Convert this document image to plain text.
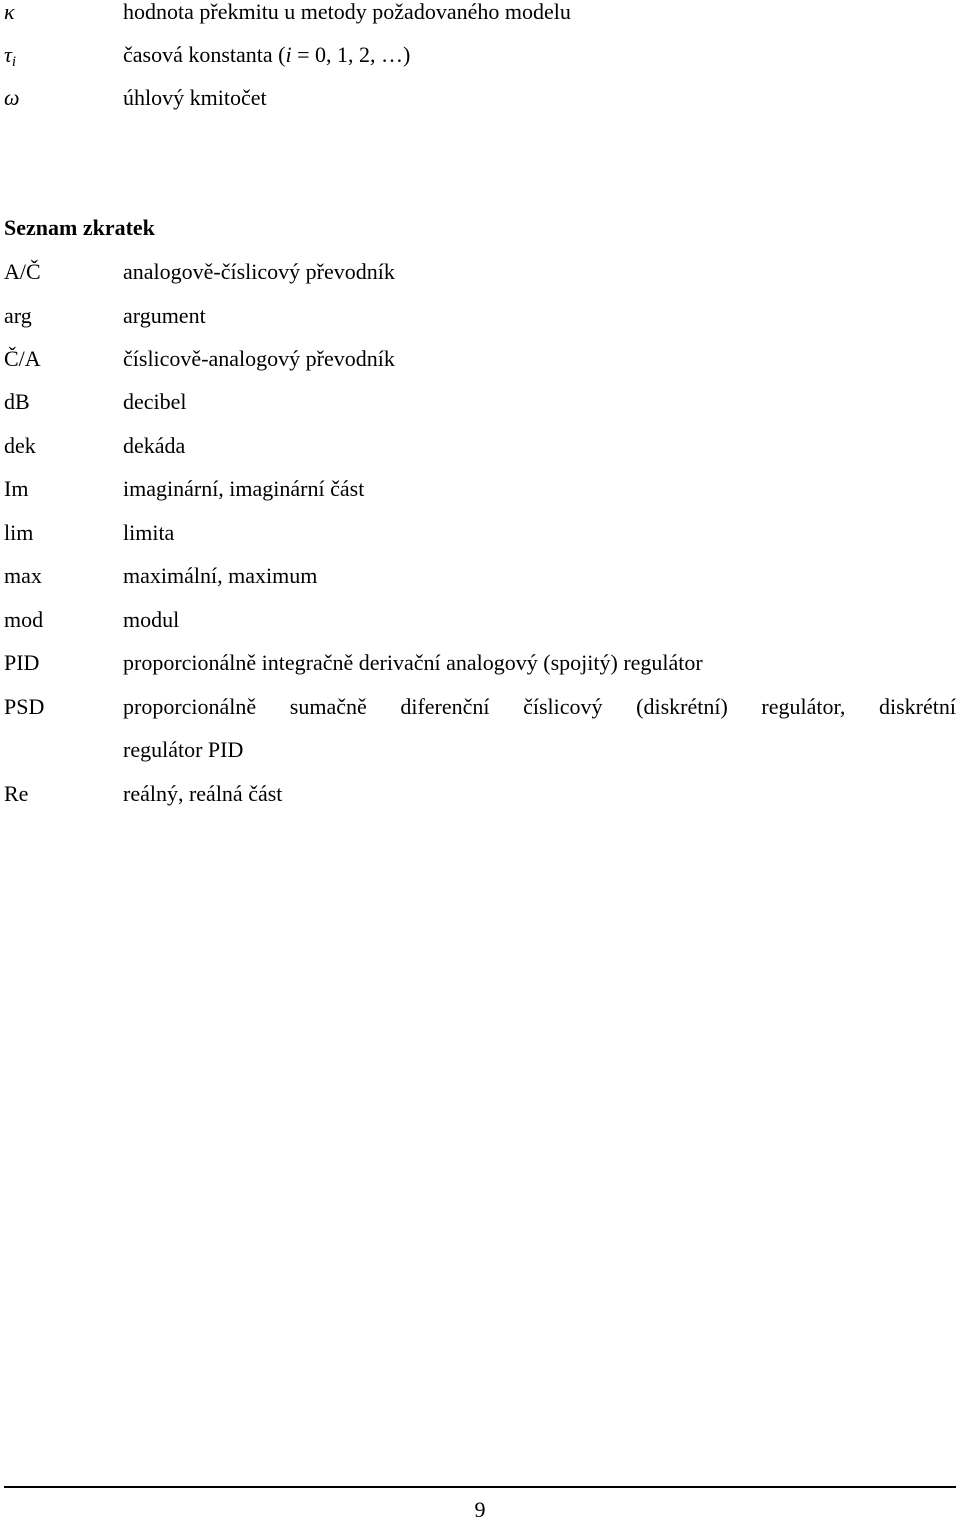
κ	hodnota překmitu u metody požadovaného modelu
$\tau_i$	časová konstanta (i = 0, 1, 2, …)
ω	úhlový kmitočet
Seznam zkratek
A/Č	analogově-číslicový převodník
arg	argument
Č/A	číslicově-analogový převodník
dB	decibel
dek	dekáda
Im	imaginární, imaginární část
lim	limita
max	maximální, maximum
mod	modul
PID	proporcionálně integračně derivační analogový (spojitý) regulátor
PSD	proporcionálně sumačně diferenční číslicový (diskrétní) regulátor, diskrétní
regulátor PID
Re	reálný, reálná část
9
